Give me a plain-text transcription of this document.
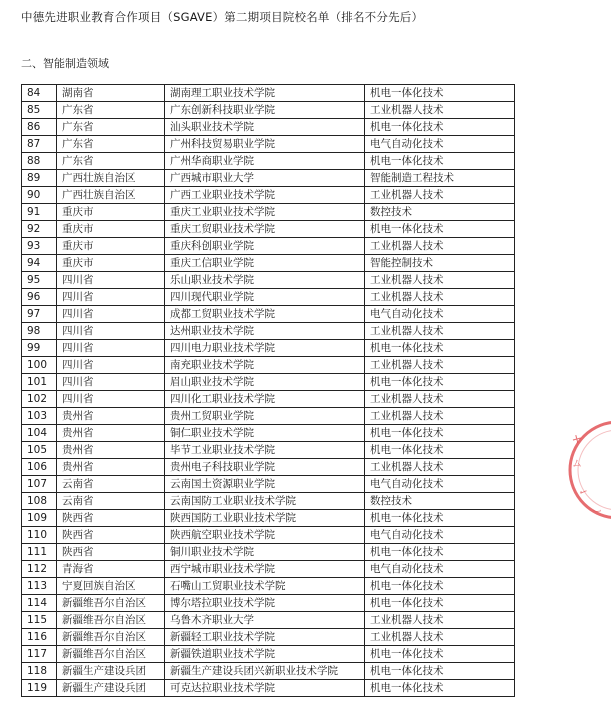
中德先进职业教育合作项目（SGAVE）第二期项目院校名单（排名不分先后）
二、智能制造领域
84	湖南省	湖南理工职业技术学院	机电一体化技术
85	广东省	广东创新科技职业学院	工业机器人技术
86	广东省	汕头职业技术学院	机电一体化技术
87	广东省	广州科技贸易职业学院	电气自动化技术
88	广东省	广州华商职业学院	机电一体化技术
89	广西壮族自治区	广西城市职业大学	智能制造工程技术
90	广西壮族自治区	广西工业职业技术学院	工业机器人技术
91	重庆市	重庆工业职业技术学院	数控技术
92	重庆市	重庆工贸职业技术学院	机电一体化技术
93	重庆市	重庆科创职业学院	工业机器人技术
94	重庆市	重庆工信职业学院	智能控制技术
95	四川省	乐山职业技术学院	工业机器人技术
96	四川省	四川现代职业学院	工业机器人技术
97	四川省	成都工贸职业技术学院	电气自动化技术
98	四川省	达州职业技术学院	工业机器人技术
99	四川省	四川电力职业技术学院	机电一体化技术
100	四川省	南充职业技术学院	工业机器人技术
101	四川省	眉山职业技术学院	机电一体化技术
102	四川省	四川化工职业技术学院	工业机器人技术
103	贵州省	贵州工贸职业学院	工业机器人技术
104	贵州省	铜仁职业技术学院	机电一体化技术
105	贵州省	毕节工业职业技术学院	机电一体化技术
106	贵州省	贵州电子科技职业学院	工业机器人技术
107	云南省	云南国土资源职业学院	电气自动化技术
108	云南省	云南国防工业职业技术学院	数控技术
109	陕西省	陕西国防工业职业技术学院	机电一体化技术
110	陕西省	陕西航空职业技术学院	电气自动化技术
111	陕西省	铜川职业技术学院	机电一体化技术
112	青海省	西宁城市职业技术学院	电气自动化技术
113	宁夏回族自治区	石嘴山工贸职业技术学院	机电一体化技术
114	新疆维吾尔自治区	博尔塔拉职业技术学院	机电一体化技术
115	新疆维吾尔自治区	乌鲁木齐职业大学	工业机器人技术
116	新疆维吾尔自治区	新疆轻工职业技术学院	工业机器人技术
117	新疆维吾尔自治区	新疆铁道职业技术学院	机电一体化技术
118	新疆生产建设兵团	新疆生产建设兵团兴新职业技术学院	机电一体化技术
119	新疆生产建设兵团	可克达拉职业技术学院	机电一体化技术
✕
ム
✓
ノ
